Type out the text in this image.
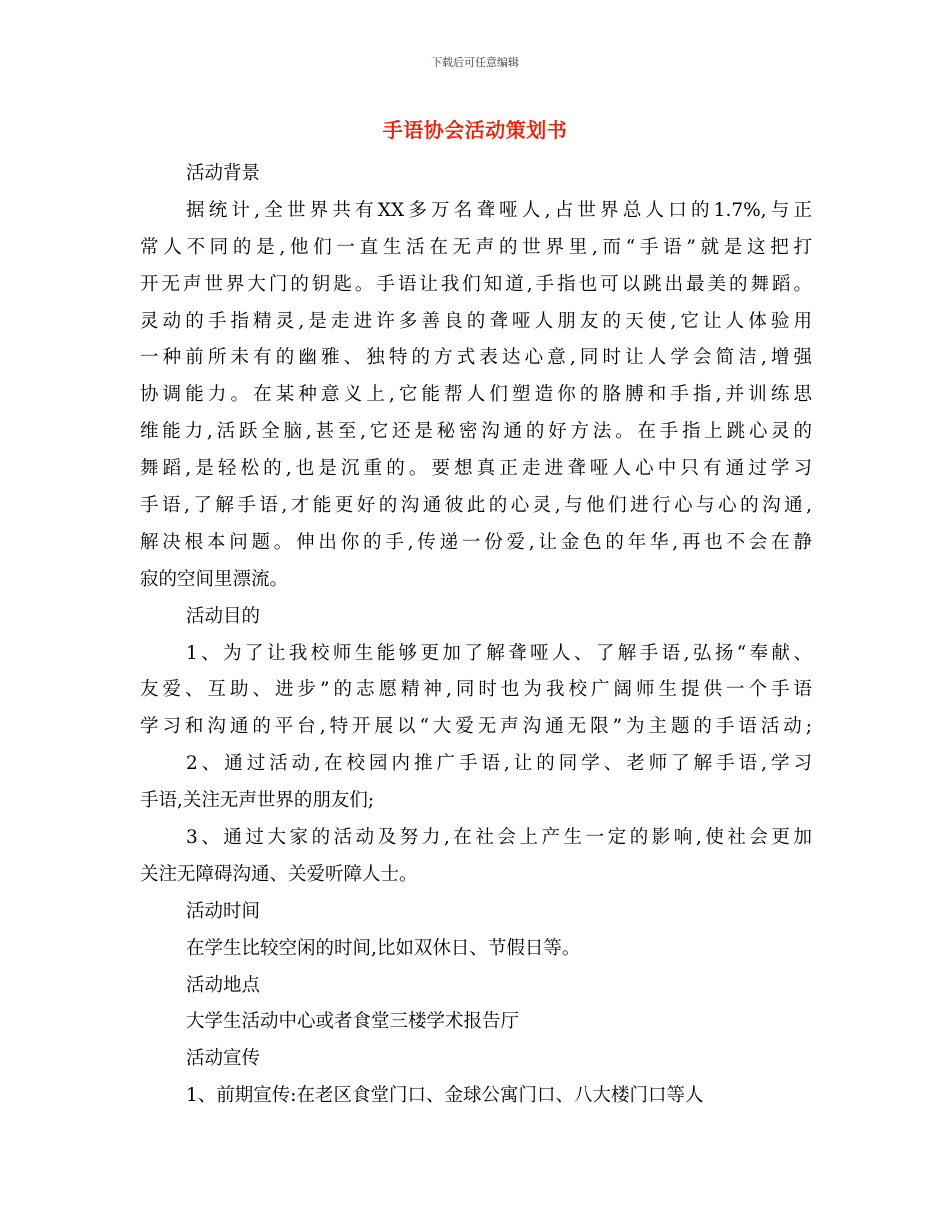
下载后可任意编辑
手语协会活动策划书
活动背景
据统计,全世界共有XX多万名聋哑人,占世界总人口的1.7%,与正
常人不同的是,他们一直生活在无声的世界里,而“手语”就是这把打
开无声世界大门的钥匙。手语让我们知道,手指也可以跳出最美的舞蹈。
灵动的手指精灵,是走进许多善良的聋哑人朋友的天使,它让人体验用
一种前所未有的幽雅、独特的方式表达心意,同时让人学会简洁,增强
协调能力。在某种意义上,它能帮人们塑造你的胳膊和手指,并训练思
维能力,活跃全脑,甚至,它还是秘密沟通的好方法。在手指上跳心灵的
舞蹈,是轻松的,也是沉重的。要想真正走进聋哑人心中只有通过学习
手语,了解手语,才能更好的沟通彼此的心灵,与他们进行心与心的沟通,
解决根本问题。伸出你的手,传递一份爱,让金色的年华,再也不会在静
寂的空间里漂流。
活动目的
1、为了让我校师生能够更加了解聋哑人、了解手语,弘扬“奉献、
友爱、互助、进步”的志愿精神,同时也为我校广阔师生提供一个手语
学习和沟通的平台,特开展以“大爱无声沟通无限”为主题的手语活动;
2、通过活动,在校园内推广手语,让的同学、老师了解手语,学习
手语,关注无声世界的朋友们;
3、通过大家的活动及努力,在社会上产生一定的影响,使社会更加
关注无障碍沟通、关爱听障人士。
活动时间
在学生比较空闲的时间,比如双休日、节假日等。
活动地点
大学生活动中心或者食堂三楼学术报告厅
活动宣传
1、前期宣传:在老区食堂门口、金球公寓门口、八大楼门口等人
